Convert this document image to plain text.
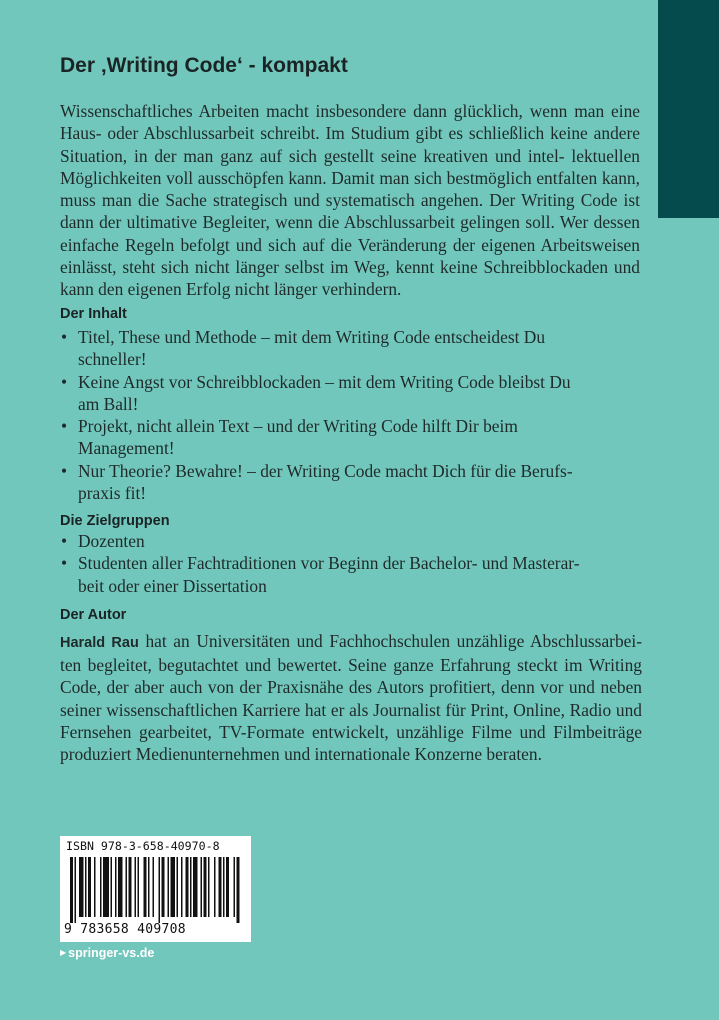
Der ‚Writing Code‘ - kompakt

Wissenschaftliches Arbeiten macht insbesondere dann glücklich, wenn man eine Haus- oder Abschlussarbeit schreibt. Im Studium gibt es schließlich keine andere Situation, in der man ganz auf sich gestellt seine kreativen und intel- lektuellen Möglichkeiten voll ausschöpfen kann. Damit man sich bestmöglich entfalten kann, muss man die Sache strategisch und systematisch angehen. Der Writing Code ist dann der ultimative Begleiter, wenn die Abschlussarbeit gelingen soll. Wer dessen einfache Regeln befolgt und sich auf die Veränderung der eigenen Arbeitsweisen einlässt, steht sich nicht länger selbst im Weg, kennt keine Schreibblockaden und kann den eigenen Erfolg nicht länger verhindern.

Der Inhalt
• Titel, These und Methode – mit dem Writing Code entscheidest Du
schneller!
• Keine Angst vor Schreibblockaden – mit dem Writing Code bleibst Du
am Ball!
• Projekt, nicht allein Text – und der Writing Code hilft Dir beim
Management!
• Nur Theorie? Bewahre! – der Writing Code macht Dich für die Berufs-
praxis fit!
Die Zielgruppen
• Dozenten
• Studenten aller Fachtraditionen vor Beginn der Bachelor- und Masterar-
beit oder einer Dissertation
Der Autor

Harald Rau hat an Universitäten und Fachhochschulen unzählige Abschlussarbei- ten begleitet, begutachtet und bewertet. Seine ganze Erfahrung steckt im Writing Code, der aber auch von der Praxisnähe des Autors profitiert, denn vor und neben seiner wissenschaftlichen Karriere hat er als Journalist für Print, Online, Radio und Fernsehen gearbeitet, TV-Formate entwickelt, unzählige Filme und Filmbeiträge produziert Medienunternehmen und internationale Konzerne beraten.

ISBN 978-3-658-40970-8
9 783658 409708
▶ springer-vs.de
